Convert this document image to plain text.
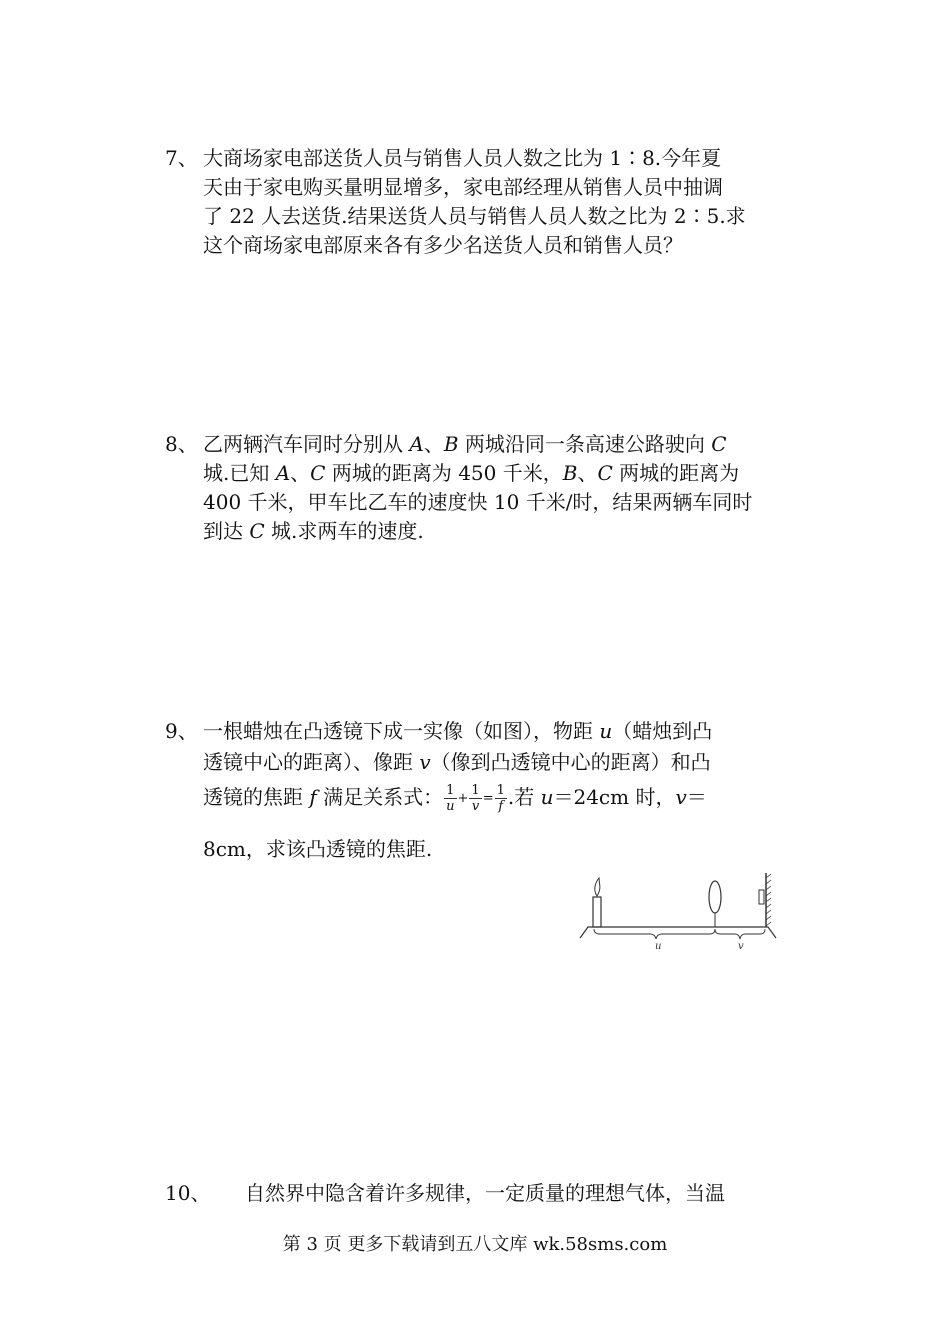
7、 大商场家电部送货人员与销售人员人数之比为 1∶8.今年夏
天由于家电购买量明显增多，家电部经理从销售人员中抽调
了 22 人去送货.结果送货人员与销售人员人数之比为 2∶5.求
这个商场家电部原来各有多少名送货人员和销售人员？
8、 乙两辆汽车同时分别从 A、B 两城沿同一条高速公路驶向 C
城.已知 A、C 两城的距离为 450 千米，B、C 两城的距离为
400 千米，甲车比乙车的速度快 10 千米/时，结果两辆车同时
到达 C 城.求两车的速度.
9、 一根蜡烛在凸透镜下成一实像（如图），物距 u（蜡烛到凸
透镜中心的距离）、像距 v（像到凸透镜中心的距离）和凸
透镜的焦距 f 满足关系式： $\frac{1}{u} + \frac{1}{v} = \frac{1}{f}$ .若 u＝24cm 时，v＝
8cm，求该凸透镜的焦距.
u	v
10、 自然界中隐含着许多规律，一定质量的理想气体，当温
第 3 页 更多下载请到五八文库 wk.58sms.com
